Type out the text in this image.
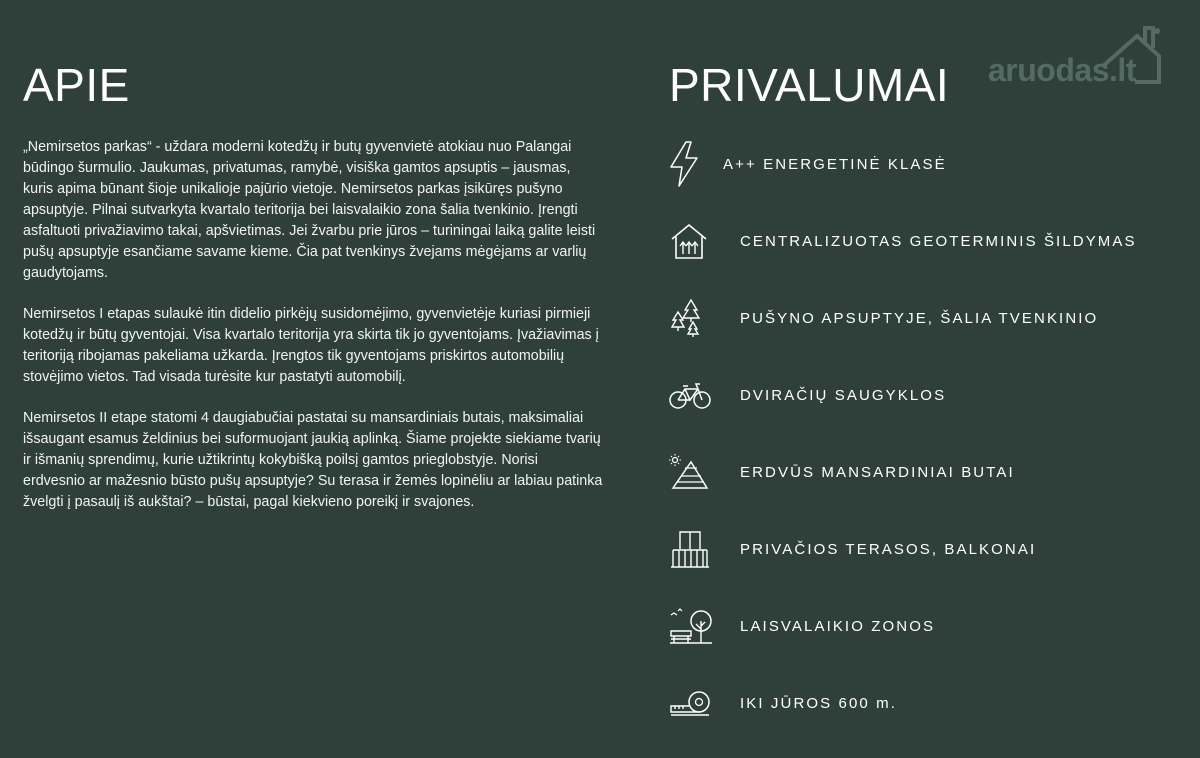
aruodas.lt
APIE

„Nemirsetos parkas“ - uždara moderni kotedžų ir butų gyvenvietė atokiau nuo Palangai būdingo šurmulio. Jaukumas, privatumas, ramybė, visiška gamtos apsuptis – jausmas, kuris apima būnant šioje unikalioje pajūrio vietoje. Nemirsetos parkas įsikūręs pušyno apsuptyje. Pilnai sutvarkyta kvartalo teritorija bei laisvalaikio zona šalia tvenkinio. Įrengti asfaltuoti privažiavimo takai, apšvietimas. Jei žvarbu prie jūros – turiningai laiką galite leisti pušų apsuptyje esančiame savame kieme. Čia pat tvenkinys žvejams mėgėjams ar varlių gaudytojams.

Nemirsetos I etapas sulaukė itin didelio pirkėjų susidomėjimo, gyvenvietėje kuriasi pirmieji kotedžų ir būtų gyventojai. Visa kvartalo teritorija yra skirta tik jo gyventojams. Įvažiavimas į teritoriją ribojamas pakeliama užkarda. Įrengtos tik gyventojams priskirtos automobilių stovėjimo vietos. Tad visada turėsite kur pastatyti automobilį.

Nemirsetos II etape statomi 4 daugiabučiai pastatai su mansardiniais butais, maksimaliai išsaugant esamus želdinius bei suformuojant jaukią aplinką. Šiame projekte siekiame tvarių ir išmanių sprendimų, kurie užtikrintų kokybišką poilsį gamtos prieglobstyje. Norisi erdvesnio ar mažesnio būsto pušų apsuptyje? Su terasa ir žemės lopinėliu ar labiau patinka žvelgti į pasaulį iš aukštai? – būstai, pagal kiekvieno poreikį ir svajones.

PRIVALUMAI
A++ ENERGETINĖ KLASĖ
CENTRALIZUOTAS GEOTERMINIS ŠILDYMAS
PUŠYNO APSUPTYJE, ŠALIA TVENKINIO
DVIRAČIŲ SAUGYKLOS
ERDVŪS MANSARDINIAI BUTAI
PRIVAČIOS TERASOS, BALKONAI
LAISVALAIKIO ZONOS
IKI JŪROS 600 m.
